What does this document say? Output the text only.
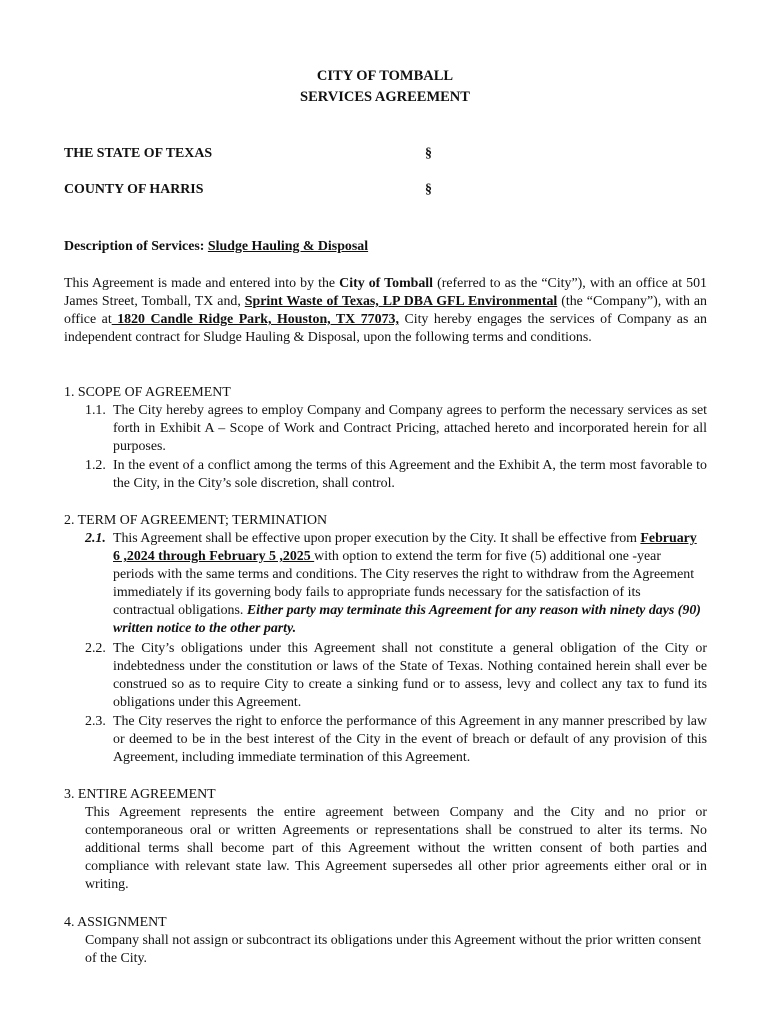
CITY OF TOMBALL
SERVICES AGREEMENT
THE STATE OF TEXAS	§
COUNTY OF HARRIS	§
Description of Services: Sludge Hauling & Disposal

This Agreement is made and entered into by the City of Tomball (referred to as the “City”), with an office at 501 James Street, Tomball, TX and, Sprint Waste of Texas, LP DBA GFL Environmental (the “Company”), with an office at 1820 Candle Ridge Park, Houston, TX 77073, City hereby engages the services of Company as an independent contract for Sludge Hauling & Disposal, upon the following terms and conditions.

1. SCOPE OF AGREEMENT
1.1. The City hereby agrees to employ Company and Company agrees to perform the necessary services as set forth in Exhibit A – Scope of Work and Contract Pricing, attached hereto and incorporated herein for all purposes.

1.2. In the event of a conflict among the terms of this Agreement and the Exhibit A, the term most favorable to the City, in the City’s sole discretion, shall control.

2. TERM OF AGREEMENT; TERMINATION
2.1. This Agreement shall be effective upon proper execution by the City. It shall be effective from February 6 ,2024 through February 5 ,2025 with option to extend the term for five (5) additional one -year periods with the same terms and conditions. The City reserves the right to withdraw from the Agreement immediately if its governing body fails to appropriate funds necessary for the satisfaction of its contractual obligations. Either party may terminate this Agreement for any reason with ninety days (90) written notice to the other party.

2.2. The City’s obligations under this Agreement shall not constitute a general obligation of the City or indebtedness under the constitution or laws of the State of Texas. Nothing contained herein shall ever be construed so as to require City to create a sinking fund or to assess, levy and collect any tax to fund its obligations under this Agreement.

2.3. The City reserves the right to enforce the performance of this Agreement in any manner prescribed by law or deemed to be in the best interest of the City in the event of breach or default of any provision of this Agreement, including immediate termination of this Agreement.

3. ENTIRE AGREEMENT

This Agreement represents the entire agreement between Company and the City and no prior or contemporaneous oral or written Agreements or representations shall be construed to alter its terms. No additional terms shall become part of this Agreement without the written consent of both parties and compliance with relevant state law. This Agreement supersedes all other prior agreements either oral or in writing.

4. ASSIGNMENT

Company shall not assign or subcontract its obligations under this Agreement without the prior written consent of the City.
